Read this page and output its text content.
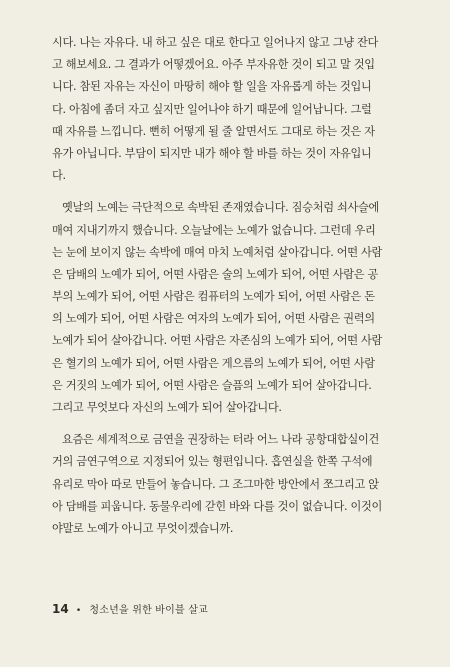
시다. 나는 자유다. 내 하고 싶은 대로 한다고 일어나지 않고 그냥 잔다
고 해보세요. 그 결과가 어떻겠어요. 아주 부자유한 것이 되고 말 것입
니다. 참된 자유는 자신이 마땅히 해야 할 일을 자유롭게 하는 것입니
다. 아침에 좀더 자고 싶지만 일어나야 하기 때문에 일어납니다. 그럴
때 자유를 느낍니다. 뻔히 어떻게 될 줄 알면서도 그대로 하는 것은 자
유가 아닙니다. 부담이 되지만 내가 해야 할 바를 하는 것이 자유입니
다.
옛날의 노예는 극단적으로 속박된 존재였습니다. 짐승처럼 쇠사슬에
매여 지내기까지 했습니다. 오늘날에는 노예가 없습니다. 그런데 우리
는 눈에 보이지 않는 속박에 매여 마치 노예처럼 살아갑니다. 어떤 사람
은 담배의 노예가 되어, 어떤 사람은 술의 노예가 되어, 어떤 사람은 공
부의 노예가 되어, 어떤 사람은 컴퓨터의 노예가 되어, 어떤 사람은 돈
의 노예가 되어, 어떤 사람은 여자의 노예가 되어, 어떤 사람은 권력의
노예가 되어 살아갑니다. 어떤 사람은 자존심의 노예가 되어, 어떤 사람
은 혈기의 노예가 되어, 어떤 사람은 게으름의 노예가 되어, 어떤 사람
은 거짓의 노예가 되어, 어떤 사람은 슬픔의 노예가 되어 살아갑니다.
그리고 무엇보다 자신의 노예가 되어 살아갑니다.
요즘은 세계적으로 금연을 권장하는 터라 어느 나라 공항대합실이건
거의 금연구역으로 지정되어 있는 형편입니다. 흡연실을 한쪽 구석에
유리로 막아 따로 만들어 놓습니다. 그 조그마한 방안에서 쪼그리고 앉
아 담배를 피웁니다. 동물우리에 갇힌 바와 다를 것이 없습니다. 이것이
야말로 노예가 아니고 무엇이겠습니까.
14 • 청소년을 위한 바이블 살교
